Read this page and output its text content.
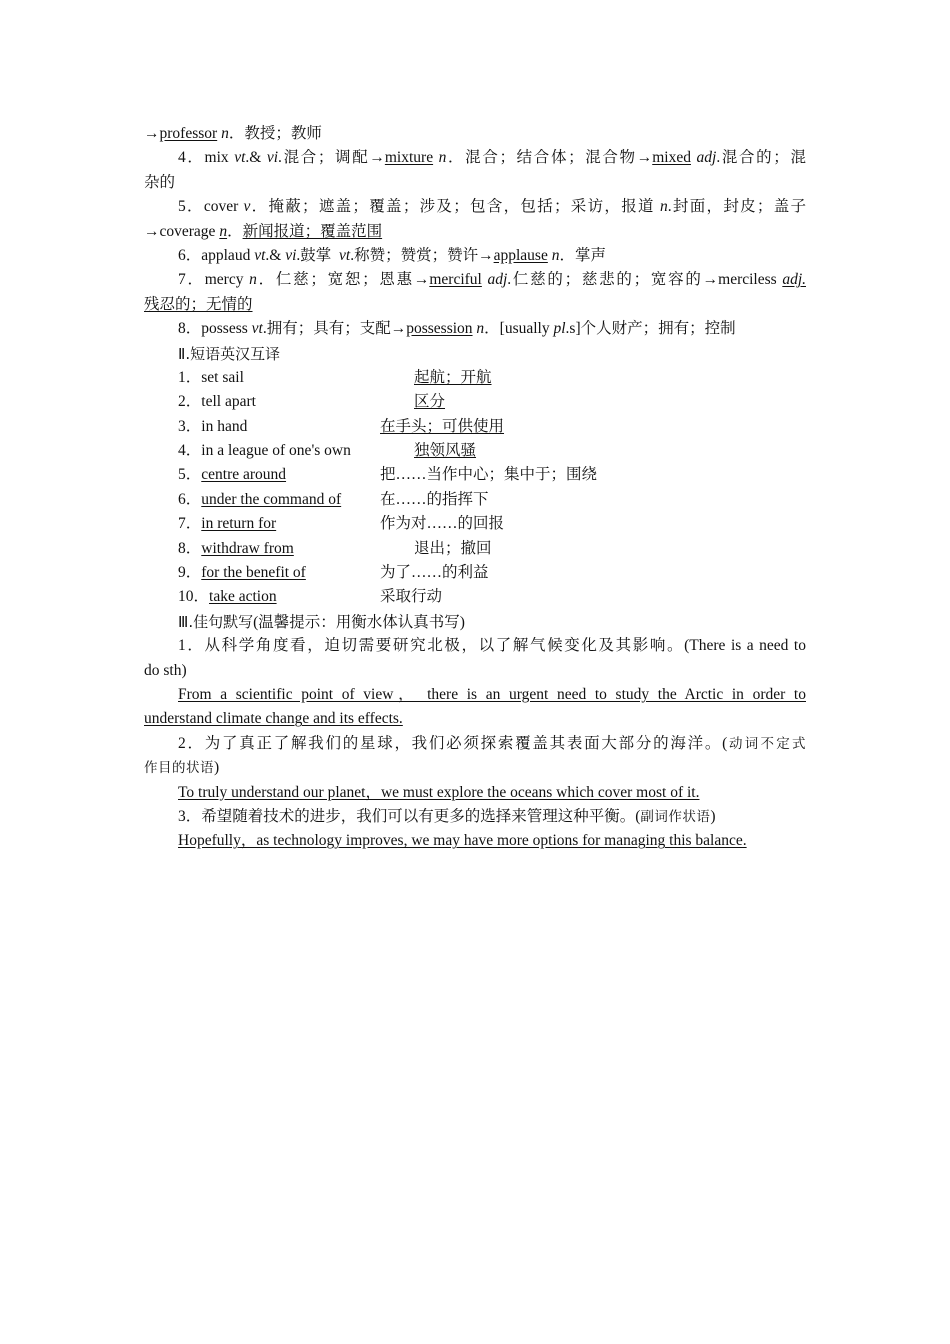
→professor n．教授；教师
4．mix vt.& vi.混合；调配→mixture n．混合；结合体；混合物→mixed adj.混合的；混
杂的
5．cover v．掩蔽；遮盖；覆盖；涉及；包含，包括；采访，报道 n.封面，封皮；盖子
→coverage n．新闻报道；覆盖范围
6．applaud vt.& vi.鼓掌  vt.称赞；赞赏；赞许→applause n．掌声
7．mercy n．仁慈；宽恕；恩惠→merciful adj.仁慈的；慈悲的；宽容的→merciless adj.
残忍的；无情的
8．possess vt.拥有；具有；支配→possession n．[usually pl.s]个人财产；拥有；控制
Ⅱ.短语英汉互译
1．set sail	起航；开航
2．tell apart	区分
3．in hand	在手头；可供使用
4．in a league of one's own	独领风骚
5．centre around	把……当作中心；集中于；围绕
6．under the command of	在……的指挥下
7．in return for	作为对……的回报
8．withdraw from	退出；撤回
9．for the benefit of	为了……的利益
10．take action	采取行动
Ⅲ.佳句默写(温馨提示：用衡水体认真书写)
1．从科学角度看，迫切需要研究北极，以了解气候变化及其影响。(There is a need to
do sth)
From a scientific point of view， there is an urgent need to study the Arctic in order to
understand climate change and its effects.
2．为了真正了解我们的星球，我们必须探索覆盖其表面大部分的海洋。(动词不定式
作目的状语)
To truly understand our planet，we must explore the oceans which cover most of it.
3．希望随着技术的进步，我们可以有更多的选择来管理这种平衡。(副词作状语)
Hopefully，as technology improves, we may have more options for managing this balance.
